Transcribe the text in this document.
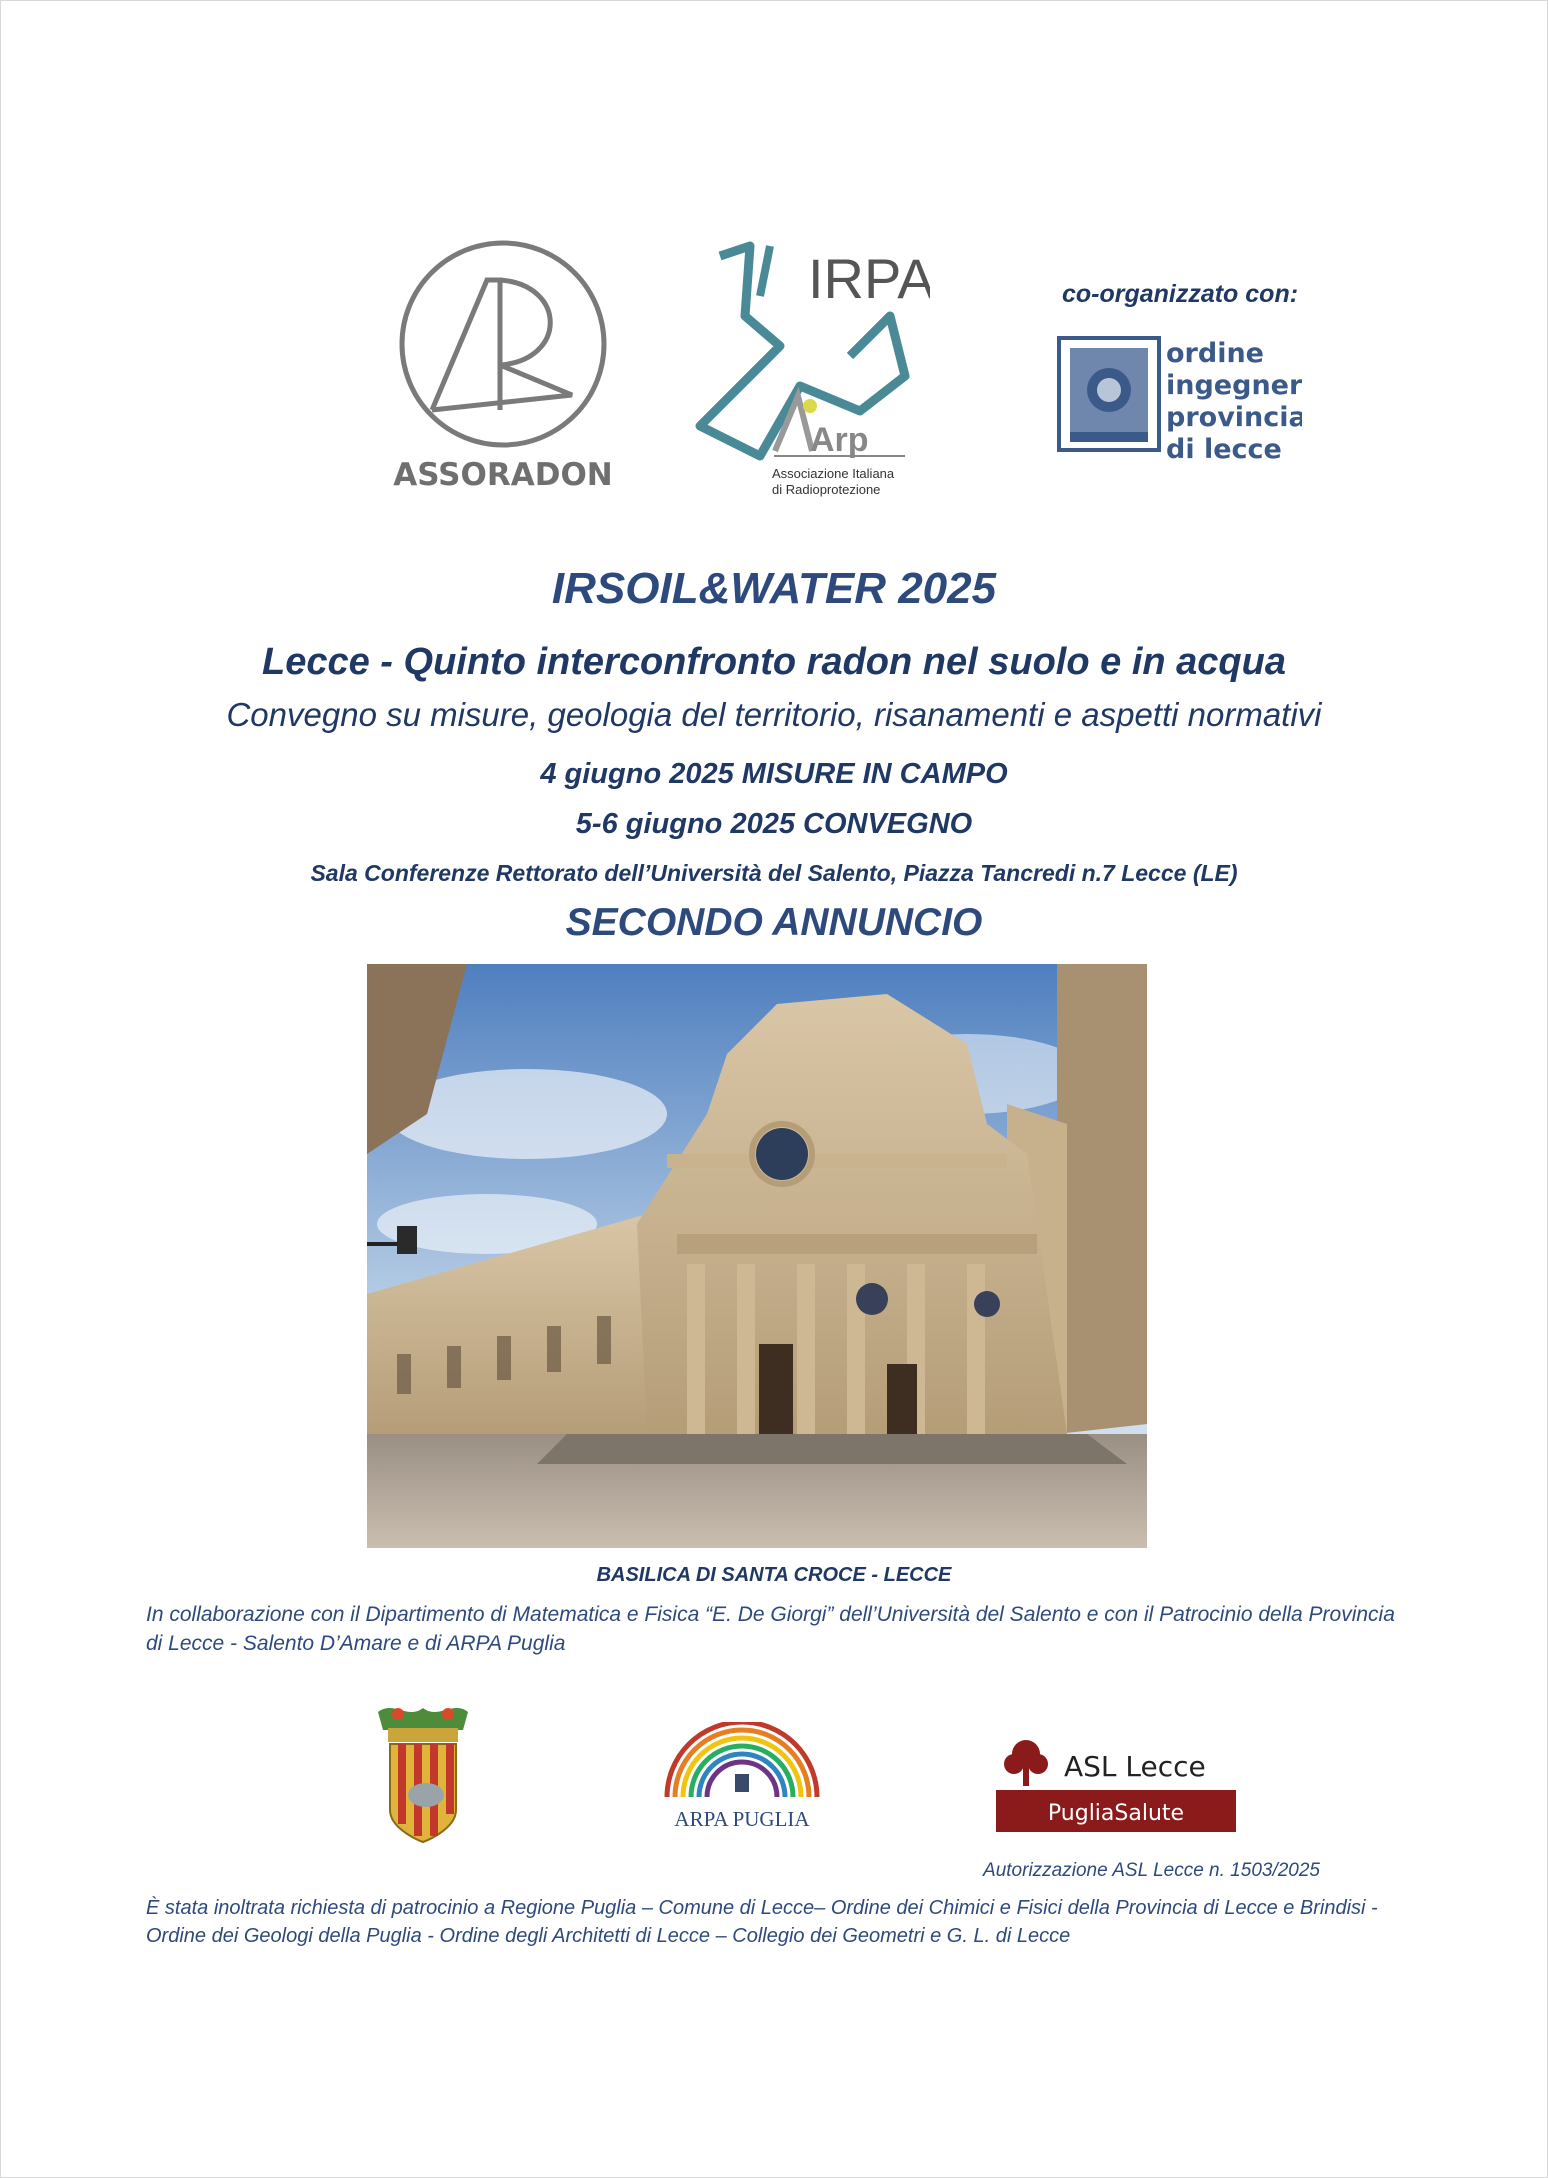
ASSORADON
IRPA
Arp
Associazione Italiana
di Radioprotezione
co-organizzato con:
ordine
ingegneri
provincia
di lecce
IRSOIL&WATER 2025
Lecce - Quinto interconfronto radon nel suolo e in acqua
Convegno su misure, geologia del territorio, risanamenti e aspetti normativi
4 giugno 2025 MISURE IN CAMPO
5-6 giugno 2025 CONVEGNO
Sala Conferenze Rettorato dell’Università del Salento, Piazza Tancredi n.7 Lecce (LE)
SECONDO ANNUNCIO
BASILICA DI SANTA CROCE - LECCE
In collaborazione con il Dipartimento di Matematica e Fisica “E. De Giorgi” dell’Università del Salento e con il Patrocinio della Provincia di Lecce - Salento D’Amare e di ARPA Puglia
ARPA PUGLIA
ASL Lecce
PugliaSalute
Autorizzazione ASL Lecce n. 1503/2025
È stata inoltrata richiesta di patrocinio a Regione Puglia – Comune di Lecce– Ordine dei Chimici e Fisici della Provincia di Lecce e Brindisi - Ordine dei Geologi della Puglia - Ordine degli Architetti di Lecce – Collegio dei Geometri e G. L. di Lecce
